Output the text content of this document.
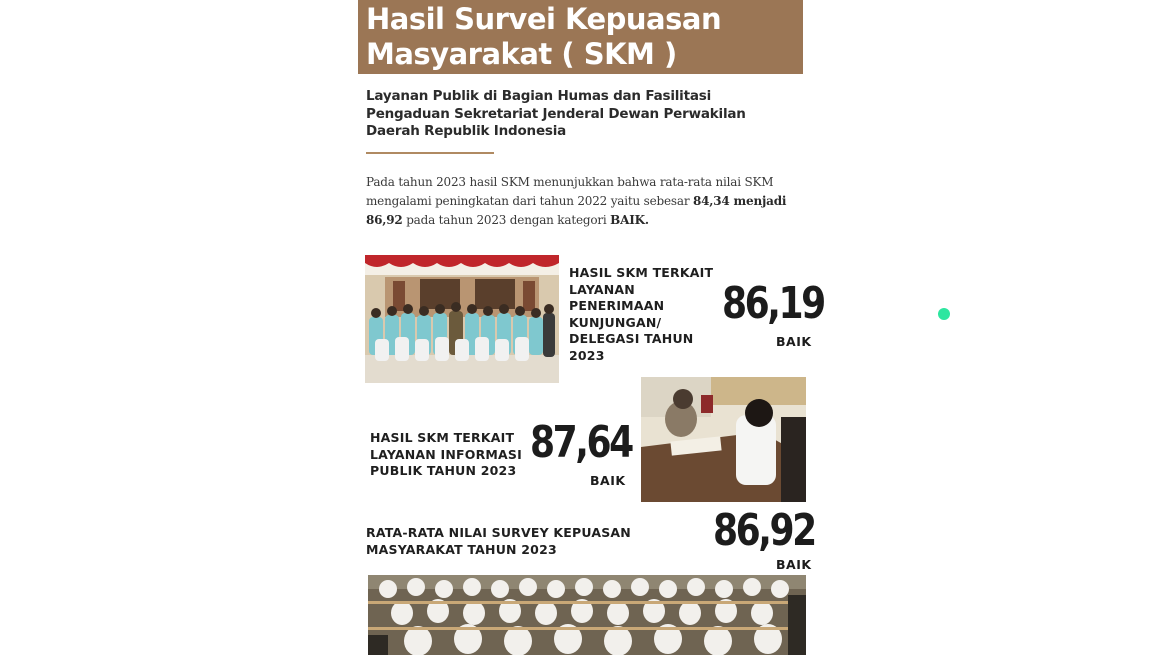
Hasil Survei Kepuasan Masyarakat ( SKM )
Layanan Publik di Bagian Humas dan Fasilitasi Pengaduan Sekretariat Jenderal Dewan Perwakilan Daerah Republik Indonesia
Pada tahun 2023 hasil SKM menunjukkan bahwa rata-rata nilai SKM mengalami peningkatan dari tahun 2022 yaitu sebesar 84,34 menjadi 86,92 pada tahun 2023 dengan kategori BAIK.
HASIL SKM TERKAIT
LAYANAN
PENERIMAAN
KUNJUNGAN/
DELEGASI TAHUN 2023
86,19
BAIK
HASIL SKM TERKAIT
LAYANAN INFORMASI
PUBLIK TAHUN 2023
87,64
BAIK
RATA-RATA NILAI SURVEY KEPUASAN
MASYARAKAT TAHUN 2023	86,92
BAIK
